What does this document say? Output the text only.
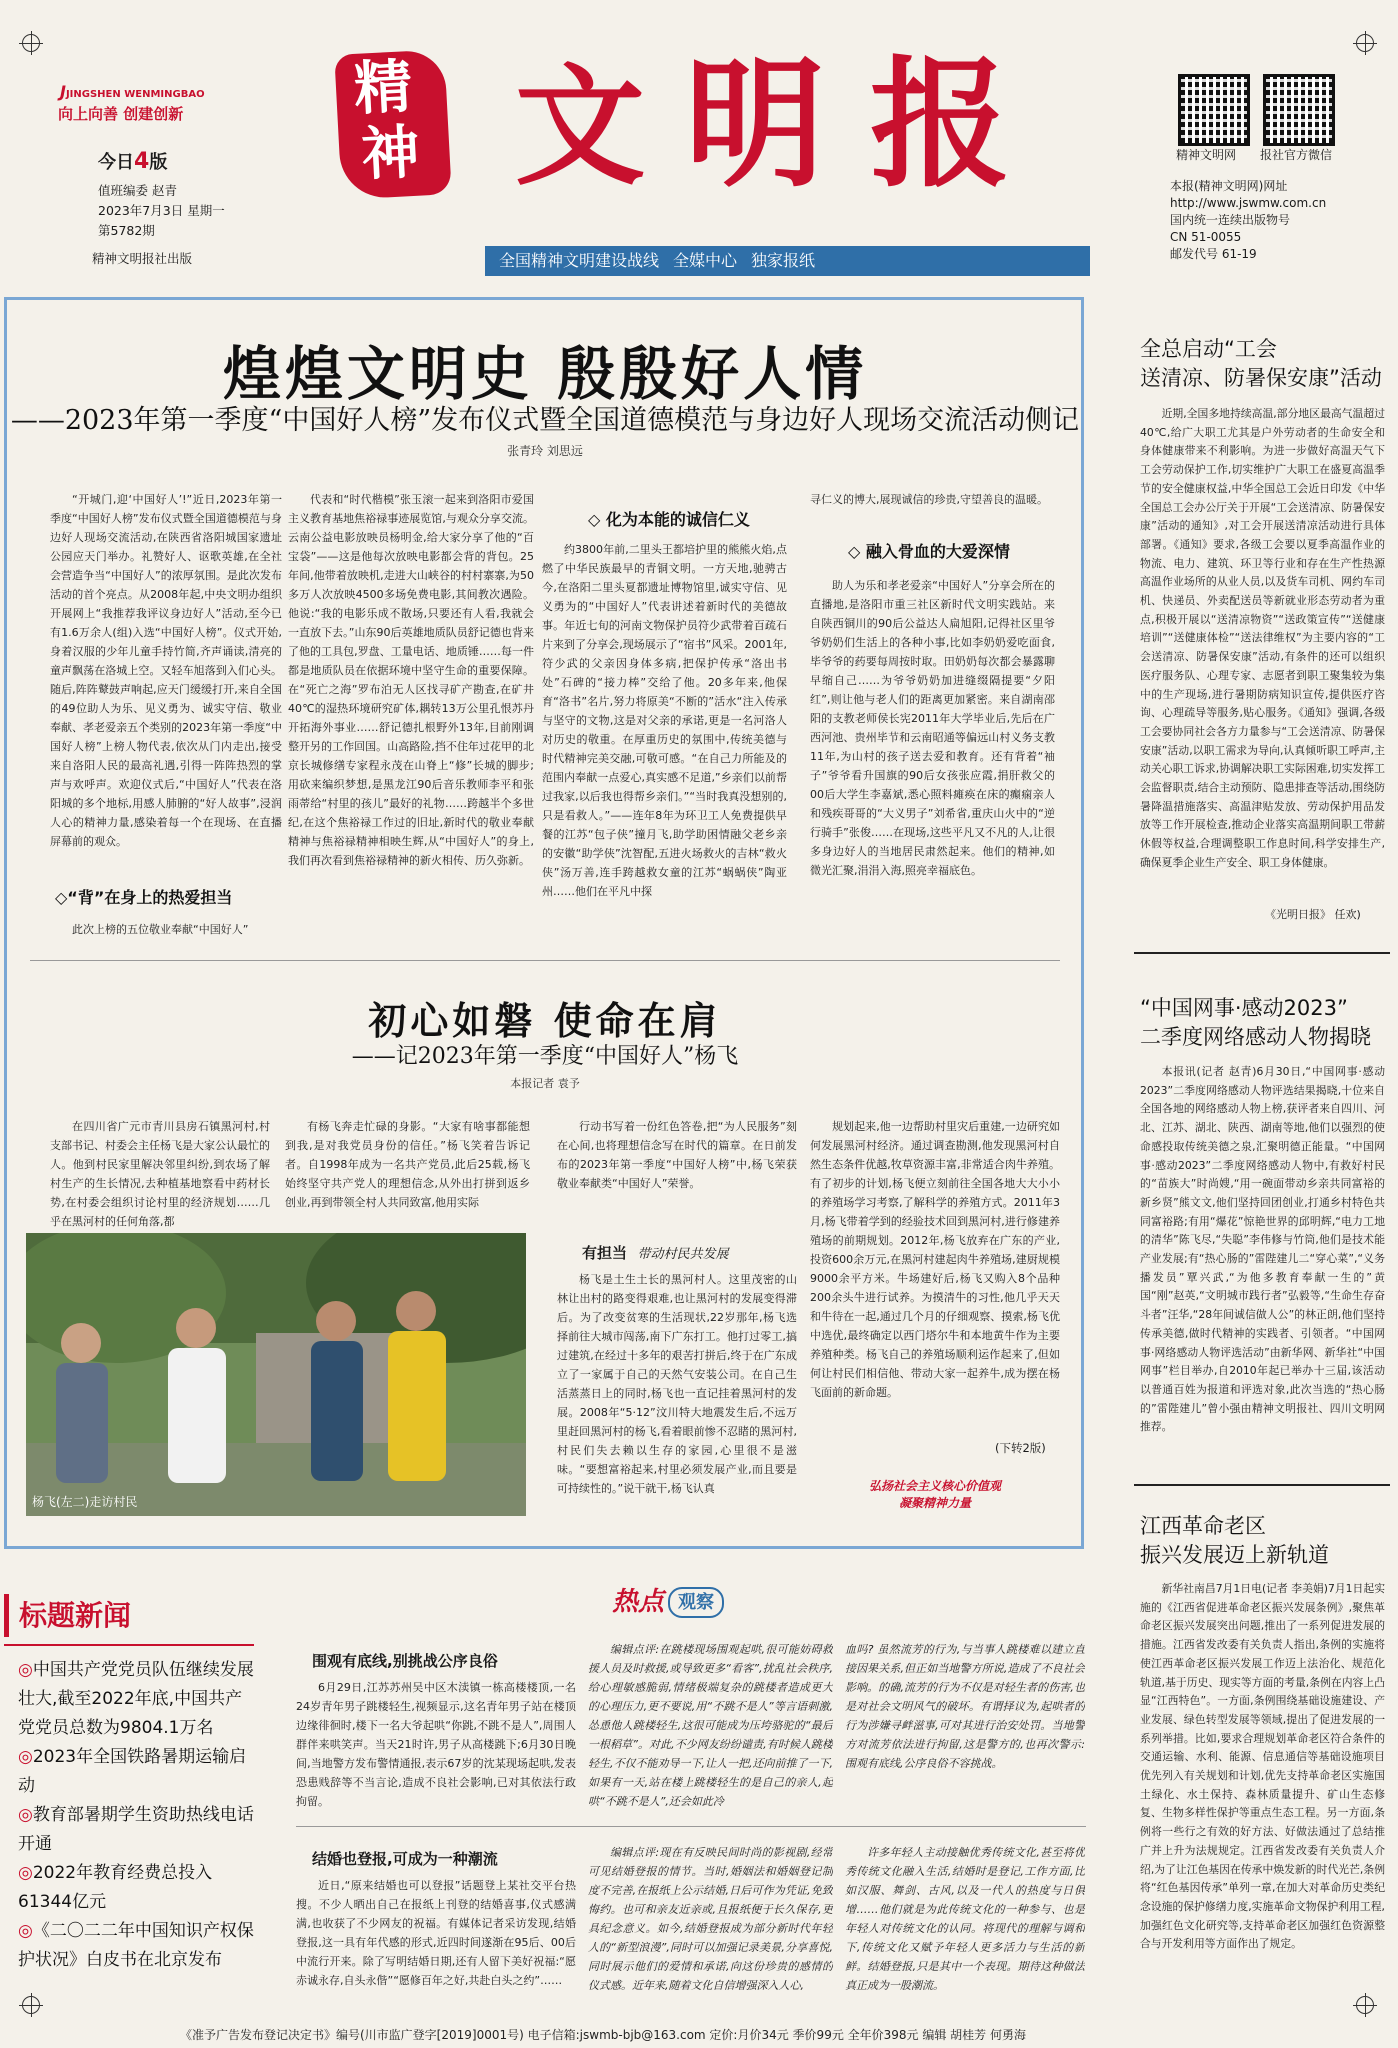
JJINGSHEN WENMINGBAO
向上向善 创建创新
今日4版
值班编委 赵青
2023年7月3日 星期一
第5782期
精神文明报社出版
精
神 文 明 报
全国精神文明建设战线 全媒中心 独家报纸
精神文明网 报社官方微信
本报(精神文明网)网址
http://www.jswmw.com.cn
国内统一连续出版物号
CN 51-0055
邮发代号 61-19
煌煌文明史 殷殷好人情
——2023年第一季度“中国好人榜”发布仪式暨全国道德模范与身边好人现场交流活动侧记
张青玲 刘思远

“开城门,迎‘中国好人’!”近日,2023年第一季度“中国好人榜”发布仪式暨全国道德模范与身边好人现场交流活动,在陕西省洛阳城国家遗址公园应天门举办。礼赞好人、讴歌英雄,在全社会营造争当“中国好人”的浓厚氛围。是此次发布活动的首个亮点。从2008年起,中央文明办组织开展网上“我推荐我评议身边好人”活动,至今已有1.6万余人(组)入选“中国好人榜”。仪式开始,身着汉服的少年儿童手持竹简,齐声诵读,清亮的童声飘荡在洛城上空。又轻车旭落到入们心头。随后,阵阵鼙鼓声响起,应天门缓缓打开,来自全国的49位助人为乐、见义勇为、诚实守信、敬业奉献、孝老爱亲五个类别的2023年第一季度“中国好人榜”上榜人物代表,依次从门内走出,接受来自洛阳人民的最高礼遇,引得一阵阵热烈的掌声与欢呼声。欢迎仪式后,“中国好人”代表在洛阳城的多个地标,用感人肺腑的“好人故事”,浸润人心的精神力量,感染着每一个在现场、在直播屏幕前的观众。

◇“背”在身上的热爱担当

此次上榜的五位敬业奉献“中国好人”

代表和“时代楷模”张玉滚一起来到洛阳市爱国主义教育基地焦裕禄事迹展览馆,与观众分享交流。云南公益电影放映员杨明金,给大家分享了他的“百宝袋”——这是他每次放映电影都会背的背包。25年间,他带着放映机,走进大山峡谷的村村寨寨,为50多万人次放映4500多场免费电影,其间教次遇险。他说:“我的电影乐成不散场,只要还有人看,我就会一直放下去。”山东90后英雄地质队员舒记德也背来了他的工具包,罗盘、工量电话、地质锤……每一件都是地质队员在依据环境中坚守生命的重要保障。在“死亡之海”罗布泊无人区找寻矿产勘查,在矿井40℃的湿热环境研究矿体,耦转13万公里孔恨苏丹开拓海外事业……舒记德扎根野外13年,目前刚调整开另的工作回国。山高路险,挡不住年过花甲的北京长城修缮专家程永茂在山脊上“修”长城的脚步;用砍来编织梦想,是黑龙江90后音乐教师李平和张雨蒂给“村里的孩儿”最好的礼物……跨越半个多世纪,在这个焦裕禄工作过的旧址,新时代的敬业奉献精神与焦裕禄精神相映生辉,从“中国好人”的身上,我们再次看到焦裕禄精神的新火相传、历久弥新。

◇ 化为本能的诚信仁义

约3800年前,二里头王都培护里的熊熊火焰,点燃了中华民族最早的青铜文明。一方天地,驰骋古今,在洛阳二里头夏都遗址博物馆里,诚实守信、见义勇为的“中国好人”代表讲述着新时代的美德故事。年近七旬的河南文物保护员符少武带着百疏石片来到了分享会,现场展示了“宿书”风采。2001年,符少武的父亲因身体多病,把保护传承“洛出书处”石碑的“接力棒”交给了他。20多年来,他保育“洛书”名片,努力将原美“不断的”活水“注入传承与坚守的文物,这是对父亲的承诺,更是一名河洛人对历史的敬重。在厚重历史的氛围中,传统美德与时代精神完美交融,可敬可感。“在自己力所能及的范围内奉献一点爱心,真实感不足道,”乡亲们以前帮过我家,以后我也得帮乡亲们。”“当时我真没想别的,只是看救人。”——连年8年为环卫工人免费提供早餐的江苏“包子侠”撞月飞,助学助困情融父老乡亲的安徽“助学侠”沈智配,五进火场救火的吉林“救火侠”汤万善,连手跨越救女童的江苏“蜗蜗侠”陶亚州……他们在平凡中探

寻仁义的博大,展现诚信的珍贵,守望善良的温暖。

◇ 融入骨血的大爱深情

助人为乐和孝老爱亲“中国好人”分享会所在的直播地,是洛阳市重三社区新时代文明实践站。来自陕西铜川的90后公益达人扁旭阳,记得社区里爷爷奶奶们生活上的各种小事,比如李奶奶爱吃面食,毕爷爷的药要每周按时取。田奶奶每次都会暴露聊早缩自己……为爷爷奶奶加进缝缀隔提要“夕阳红”,则让他与老人们的距离更加紧密。来自湖南邵阳的支教老师侯长宪2011年大学毕业后,先后在广西河池、贵州毕节和云南昭通等偏远山村义务支教11年,为山村的孩子送去爱和教育。还有背着“袖子”爷爷看升国旗的90后女孩张应霞,捐肝救父的00后大学生李嘉斌,悉心照料瘫痪在床的癫痫亲人和残疾哥哥的“大义男子”刘希省,重庆山火中的“逆行骑手”张俊……在现场,这些平凡又不凡的人,让很多身边好人的当地居民肃然起来。他们的精神,如微光汇聚,涓涓入海,照亮幸福底色。

初心如磐 使命在肩
——记2023年第一季度“中国好人”杨飞
本报记者 袁予

在四川省广元市青川县房石镇黑河村,村支部书记、村委会主任杨飞是大家公认最忙的人。他到村民家里解决邻里纠纷,到农场了解村生产的生长情况,去种植基地察看中药材长势,在村委会组织讨论村里的经济规划……几乎在黑河村的任何角落,都

有杨飞奔走忙碌的身影。“大家有啥事都能想到我,是对我党员身份的信任。”杨飞笑着告诉记者。自1998年成为一名共产党员,此后25载,杨飞始终坚守共产党人的理想信念,从外出打拼到返乡创业,再到带领全村人共同致富,他用实际

杨飞(左二)走访村民

行动书写着一份红色答卷,把“为人民服务”刻在心间,也将理想信念写在时代的篇章。在日前发布的2023年第一季度“中国好人榜”中,杨飞荣获敬业奉献类“中国好人”荣誉。

有担当 带动村民共发展

杨飞是土生土长的黑河村人。这里茂密的山林让出村的路变得艰难,也让黑河村的发展变得滞后。为了改变贫寒的生活现状,22岁那年,杨飞选择前往大城市闯荡,南下广东打工。他打过零工,搞过建筑,在经过十多年的艰苦打拼后,终于在广东成立了一家属于自己的天然气安装公司。在自己生活蒸蒸日上的同时,杨飞也一直记挂着黑河村的发展。2008年“5·12”汶川特大地震发生后,不远万里赶回黑河村的杨飞,看着眼前惨不忍睹的黑河村,村民们失去赖以生存的家园,心里很不是滋味。“要想富裕起来,村里必须发展产业,而且要是可持续性的。”说干就干,杨飞认真

规划起来,他一边帮助村里灾后重建,一边研究如何发展黑河村经济。通过调查勘测,他发现黑河村自然生态条件优越,牧草资源丰富,非常适合肉牛养殖。有了初步的计划,杨飞便立刻前往全国各地大大小小的养殖场学习考察,了解科学的养殖方式。2011年3月,杨飞带着学到的经验技术回到黑河村,进行修建养殖场的前期规划。2012年,杨飞放弃在广东的产业,投资600余万元,在黑河村建起肉牛养殖场,建厨规模9000余平方米。牛场建好后,杨飞又购入8个品种200余头牛进行试养。为摸清牛的习性,他几乎天天和牛待在一起,通过几个月的仔细观察、摸索,杨飞优中选优,最终确定以西门塔尔牛和本地黄牛作为主要养殖种类。杨飞自己的养殖场顺利运作起来了,但如何让村民们相信他、带动大家一起养牛,成为摆在杨飞面前的新命题。

(下转2版)
弘扬社会主义核心价值观
凝聚精神力量
全总启动“工会
送清凉、防暑保安康”活动

近期,全国多地持续高温,部分地区最高气温超过40℃,给广大职工尤其是户外劳动者的生命安全和身体健康带来不利影响。为进一步做好高温天气下工会劳动保护工作,切实维护广大职工在盛夏高温季节的安全健康权益,中华全国总工会近日印发《中华全国总工会办公厅关于开展“工会送清凉、防暑保安康”活动的通知》,对工会开展送清凉活动进行具体部署。《通知》要求,各级工会要以夏季高温作业的物流、电力、建筑、环卫等行业和存在生产性热源高温作业场所的从业人员,以及货车司机、网约车司机、快递员、外卖配送员等新就业形态劳动者为重点,积极开展以“送清凉物资”“送政策宣传”“送健康培训”“送健康体检”“送法律维权”为主要内容的“工会送清凉、防暑保安康”活动,有条件的还可以组织医疗服务队、心理专家、志愿者到职工聚集较为集中的生产现场,进行暑期防病知识宣传,提供医疗咨询、心理疏导等服务,贴心服务。《通知》强调,各级工会要协同社会各方力量参与“工会送清凉、防暑保安康”活动,以职工需求为导向,认真倾听职工呼声,主动关心职工诉求,协调解决职工实际困难,切实发挥工会监督职责,结合主动预防、隐患排查等活动,围绕防暑降温措施落实、高温津贴发放、劳动保护用品发放等工作开展检查,推动企业落实高温期间职工带薪休假等权益,合理调整职工作息时间,科学安排生产,确保夏季企业生产安全、职工身体健康。

《光明日报》 任欢)
“中国网事·感动2023”
二季度网络感动人物揭晓

本报讯(记者 赵青)6月30日,“中国网事·感动2023”二季度网络感动人物评选结果揭晓,十位来自全国各地的网络感动人物上榜,获评者来自四川、河北、江苏、湖北、陕西、湖南等地,他们以强烈的使命感投取传统美德之泉,汇聚明德正能量。“中国网事·感动2023”二季度网络感动人物中,有救好村民的“苗族大”时尚嫂,“用一碗面带动乡亲共同富裕的新乡贤”熊文文,他们坚持回团创业,打通乡村特色共同富裕路;有用“爆花”惊艳世界的邱明辉,“电力工地的清华”陈飞尽,“失聪”李伟修与竹筒,他们是技术能产业发展;有“热心肠的”雷陛建儿二“穿心菜”,“义务播发员”覃兴武,“为他多教育奉献一生的”黄国“刚”赵英,“文明城市践行者”弘毅等,“生命生存奋斗者”汪华,“28年间诚信做人公”的林正朗,他们坚持传承美德,做时代精神的实践者、引领者。“中国网事·网络感动人物评选活动”由新华网、新华社“中国网事”栏目举办,自2010年起已举办十三届,该活动以普通百姓为报道和评选对象,此次当选的“热心肠的”雷陛建儿”曾小强由精神文明报社、四川文明网推荐。

江西革命老区
振兴发展迈上新轨道

新华社南昌7月1日电(记者 李美娟)7月1日起实施的《江西省促进革命老区振兴发展条例》,聚焦革命老区振兴发展突出问题,推出了一系列促进发展的措施。江西省发改委有关负责人指出,条例的实施将使江西革命老区振兴发展工作迈上法治化、规范化轨道,基于历史、现实等方面的考量,条例在内容上凸显“江西特色”。一方面,条例围绕基础设施建设、产业发展、绿色转型发展等领域,提出了促进发展的一系列举措。比如,要求合理规划革命老区符合条件的交通运输、水利、能源、信息通信等基础设施项目优先列入有关规划和计划,优先支持革命老区实施国土绿化、水土保持、森林质量提升、矿山生态修复、生物多样性保护等重点生态工程。另一方面,条例将一些行之有效的好方法、好做法通过了总结推广并上升为法规规定。江西省发改委有关负责人介绍,为了让江色基因在传承中焕发新的时代光芒,条例将“红色基因传承”单列一章,在加大对革命历史类纪念设施的保护修缮力度,实施革命文物保护利用工程,加强红色文化研究等,支持革命老区加强红色资源整合与开发利用等方面作出了规定。

标题新闻
◎中国共产党党员队伍继续发展壮大,截至2022年底,中国共产党党员总数为9804.1万名
◎2023年全国铁路暑期运输启动
◎教育部暑期学生资助热线电话开通
◎2022年教育经费总投入61344亿元
◎《二〇二二年中国知识产权保护状况》白皮书在北京发布
热点 观察
围观有底线,别挑战公序良俗

6月29日,江苏苏州吴中区木渎镇一栋高楼楼顶,一名24岁青年男子跳楼轻生,视频显示,这名青年男子站在楼顶边缘徘徊时,楼下一名大爷起哄“你跳,不跳不是人”,周围人群伴来哄笑声。当天21时许,男子从高楼跳下;6月30日晚间,当地警方发布警情通报,表示67岁的沈某现场起哄,发表恐患贱辞等不当言论,造成不良社会影响,已对其依法行政拘留。

编辑点评:在跳楼现场围观起哄,很可能妨碍救援人员及时救援,或导致更多“看客”,扰乱社会秩序,给心理敏感脆弱,情绪极端复杂的跳楼者造成更大的心理压力,更不要说,用“不跳不是人”等言语刺激,怂恿他人跳楼轻生,这很可能成为压垮骆驼的“最后一根稻草”。对此,不少网友纷纷谴责,有时候人跳楼轻生,不仅不能劝导一下,让人一把,还向前推了一下,如果有一天,站在楼上跳楼轻生的是自己的亲人,起哄“不跳不是人”,还会如此冷

血吗? 虽然流芳的行为,与当事人跳楼难以建立直接因果关系,但正如当地警方所说,造成了不良社会影响。的确,流芳的行为不仅是对轻生者的伤害,也是对社会文明风气的破坏。有谓择议为,起哄者的行为涉嫌寻衅滋事,可对其进行治安处罚。当地警方对流芳依法进行拘留,这是警方的,也再次警示:围观有底线,公序良俗不容挑战。

结婚也登报,可成为一种潮流

近日,“原来结婚也可以登报”话题登上某社交平台热搜。不少人晒出自己在报纸上刊登的结婚喜事,仪式感满满,也收获了不少网友的祝福。有媒体记者采访发现,结婚登报,这一具有年代感的形式,近四时间遂渐在95后、00后中流行开来。除了写明结婚日期,还有人留下美好祝福:“愿赤诚永存,自头永偕”“愿修百年之好,共赴白头之约”……

编辑点评:现在有反映民间时尚的影视剧,经常可见结婚登报的情节。当时,婚姻法和婚姻登记制度不完善,在报纸上公示结婚,日后可作为凭证,免致悔约。也可和亲友近亲或,且报纸便于长久保存,更具纪念意义。如今,结婚登报成为部分新时代年轻人的“新型浪漫”,同时可以加强记录美景,分享喜悦,同时展示他们的爱情和承诺,向这份珍贵的感情的仪式感。近年来,随着文化自信增强深入人心,

许多年轻人主动接触优秀传统文化,甚至将优秀传统文化融入生活,结婚时是登记,工作方面,比如汉服、舞剑、古风,以及一代人的热度与日俱增……他们就是为此传统文化的一种参与、也是年轻人对传统文化的认同。将现代的理解与调和下,传统文化又赋予年轻人更多活力与生活的新鲜。结婚登报,只是其中一个表现。期待这种做法真正成为一股潮流。

《准予广告发布登记决定书》编号(川市监广登字[2019]0001号) 电子信箱:jswmb-bjb@163.com 定价:月价34元 季价99元 全年价398元 编辑 胡桂芳 何勇海
